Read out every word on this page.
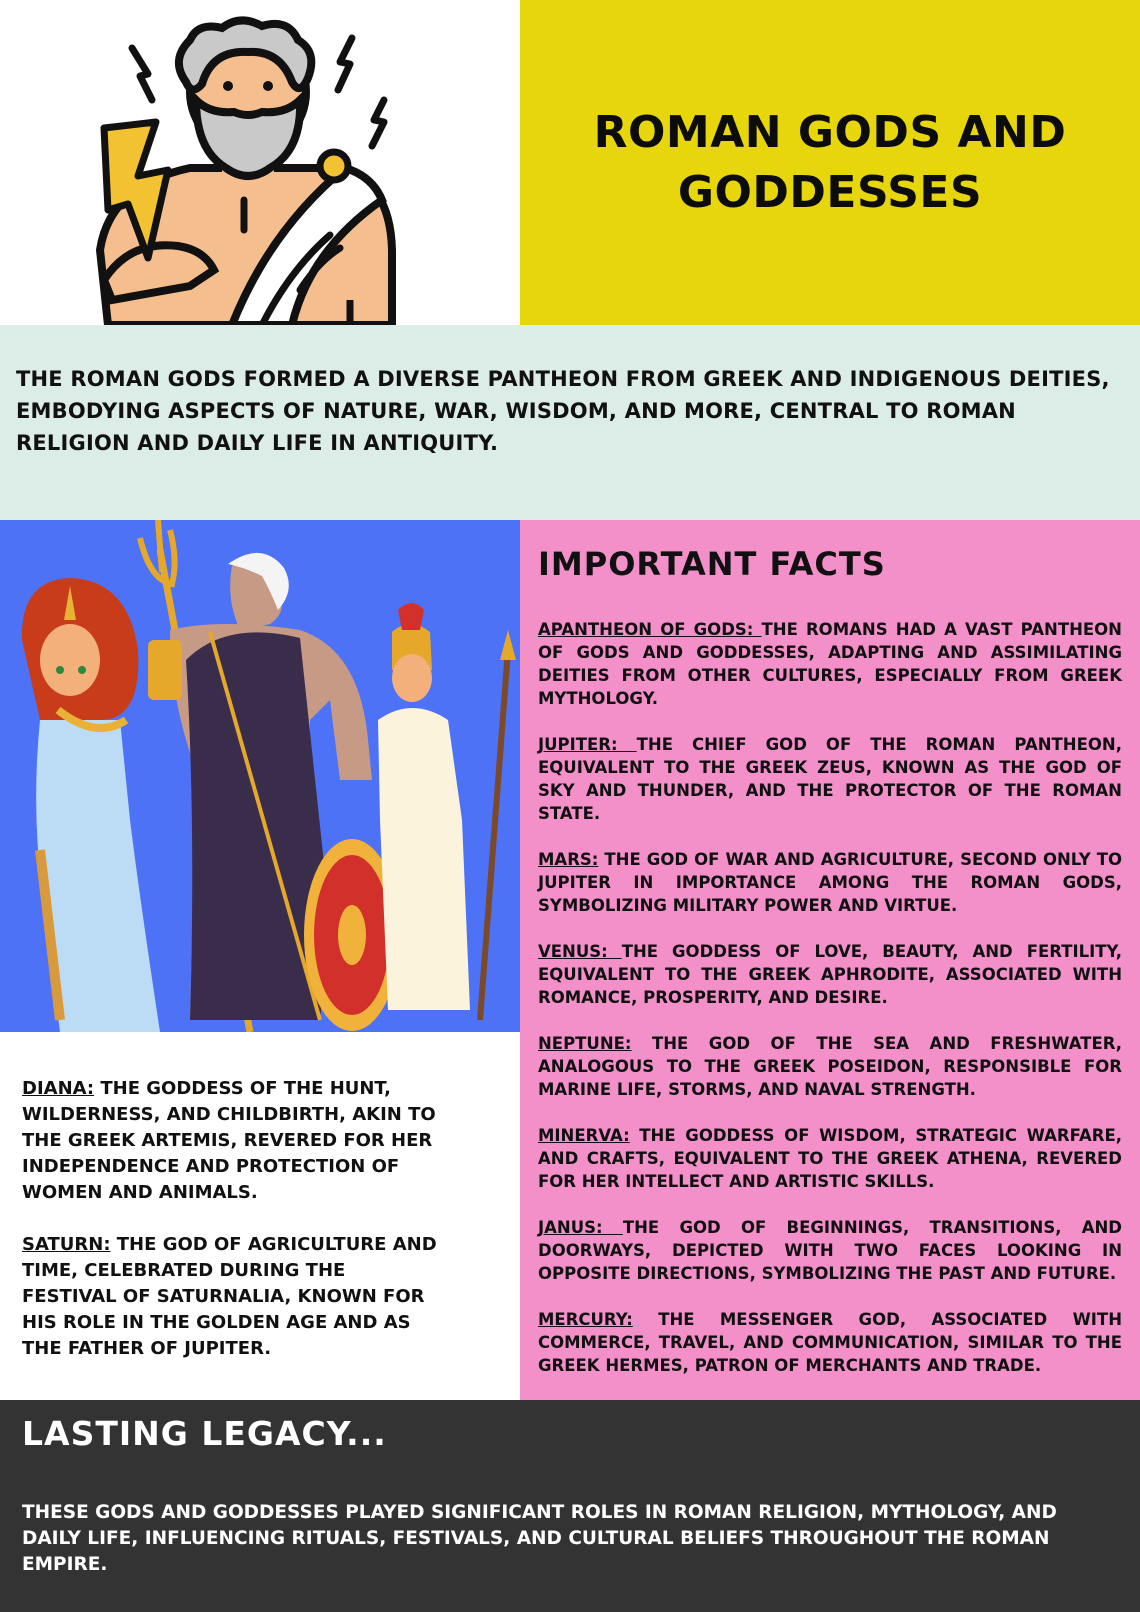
ROMAN GODS AND
GODDESSES

THE ROMAN GODS FORMED A DIVERSE PANTHEON FROM GREEK AND INDIGENOUS DEITIES, EMBODYING ASPECTS OF NATURE, WAR, WISDOM, AND MORE, CENTRAL TO ROMAN RELIGION AND DAILY LIFE IN ANTIQUITY.

DIANA: THE GODDESS OF THE HUNT, WILDERNESS, AND CHILDBIRTH, AKIN TO THE GREEK ARTEMIS, REVERED FOR HER INDEPENDENCE AND PROTECTION OF WOMEN AND ANIMALS.

SATURN: THE GOD OF AGRICULTURE AND TIME, CELEBRATED DURING THE FESTIVAL OF SATURNALIA, KNOWN FOR HIS ROLE IN THE GOLDEN AGE AND AS THE FATHER OF JUPITER.

IMPORTANT FACTS

APANTHEON OF GODS: THE ROMANS HAD A VAST PANTHEON OF GODS AND GODDESSES, ADAPTING AND ASSIMILATING DEITIES FROM OTHER CULTURES, ESPECIALLY FROM GREEK MYTHOLOGY.

JUPITER: THE CHIEF GOD OF THE ROMAN PANTHEON, EQUIVALENT TO THE GREEK ZEUS, KNOWN AS THE GOD OF SKY AND THUNDER, AND THE PROTECTOR OF THE ROMAN STATE.

MARS: THE GOD OF WAR AND AGRICULTURE, SECOND ONLY TO JUPITER IN IMPORTANCE AMONG THE ROMAN GODS, SYMBOLIZING MILITARY POWER AND VIRTUE.

VENUS: THE GODDESS OF LOVE, BEAUTY, AND FERTILITY, EQUIVALENT TO THE GREEK APHRODITE, ASSOCIATED WITH ROMANCE, PROSPERITY, AND DESIRE.

NEPTUNE: THE GOD OF THE SEA AND FRESHWATER, ANALOGOUS TO THE GREEK POSEIDON, RESPONSIBLE FOR MARINE LIFE, STORMS, AND NAVAL STRENGTH.

MINERVA: THE GODDESS OF WISDOM, STRATEGIC WARFARE, AND CRAFTS, EQUIVALENT TO THE GREEK ATHENA, REVERED FOR HER INTELLECT AND ARTISTIC SKILLS.

JANUS: THE GOD OF BEGINNINGS, TRANSITIONS, AND DOORWAYS, DEPICTED WITH TWO FACES LOOKING IN OPPOSITE DIRECTIONS, SYMBOLIZING THE PAST AND FUTURE.

MERCURY: THE MESSENGER GOD, ASSOCIATED WITH COMMERCE, TRAVEL, AND COMMUNICATION, SIMILAR TO THE GREEK HERMES, PATRON OF MERCHANTS AND TRADE.

LASTING LEGACY...

THESE GODS AND GODDESSES PLAYED SIGNIFICANT ROLES IN ROMAN RELIGION, MYTHOLOGY, AND DAILY LIFE, INFLUENCING RITUALS, FESTIVALS, AND CULTURAL BELIEFS THROUGHOUT THE ROMAN EMPIRE.
